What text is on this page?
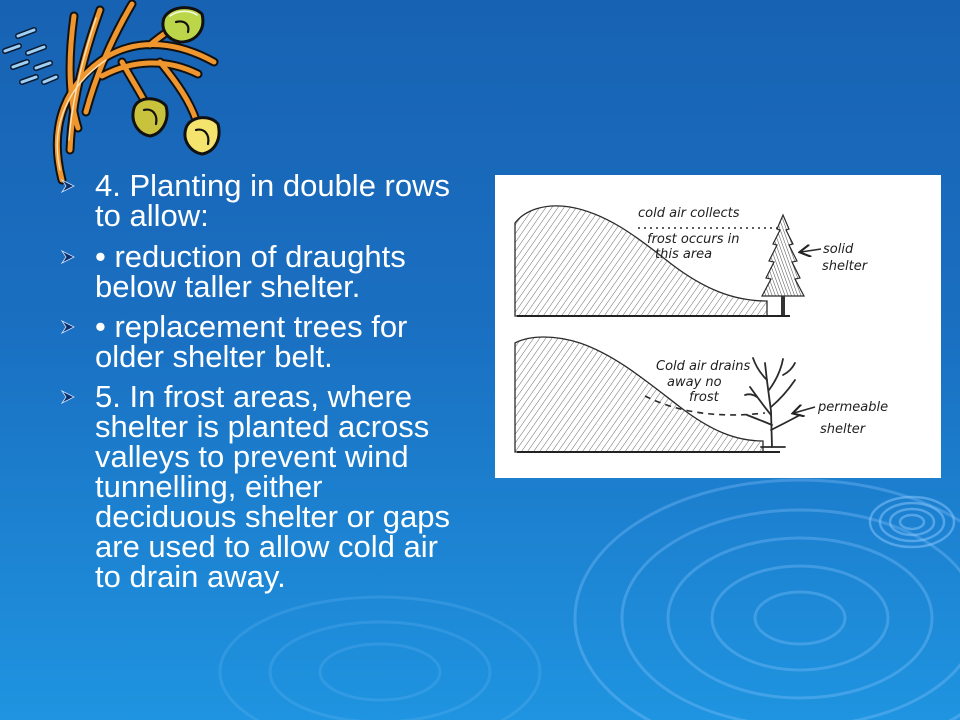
4. Planting in double rows
to allow:
• reduction of draughts
below taller shelter.
• replacement trees for
older shelter belt.
5. In frost areas, where
shelter is planted across
valleys to prevent wind
tunnelling, either
deciduous shelter or gaps
are used to allow cold air
to drain away.
cold air collects
frost occurs in
this area	solid
shelter
Cold air drains
away no
frost
permeable
shelter
